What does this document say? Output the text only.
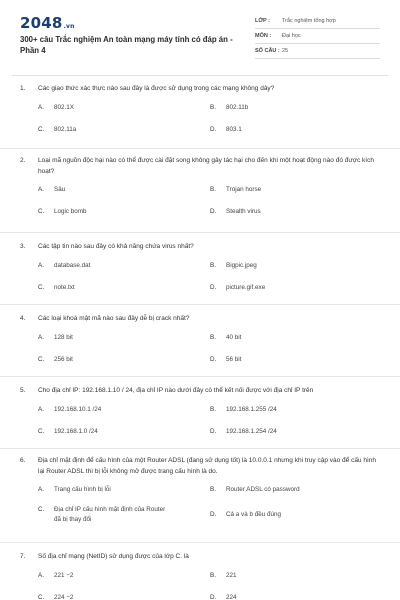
2048.vn
300+ câu Trắc nghiệm An toàn mạng máy tính có đáp án - Phần 4
LỚP :	Trắc nghiệm tổng hợp
MÔN :	Đại học
SỐ CÂU : 25
1.	Các giao thức xác thực nào sau đây là được sử dụng trong các mạng không dây?
A.	802.1X	B.	802.11b
C.	802.11a	D.	803.1
2.	Loại mã nguồn độc hại nào có thể được cài đặt song không gây tác hại cho đến khi một hoạt động nào đó được kích hoạt?
A.	Sâu	B.	Trojan horse
C.	Logic bomb	D.	Stealth virus
3.	Các tập tin nào sau đây có khả năng chứa virus nhất?
A.	database.dat	B.	Bigpic.jpeg
C.	note.txt	D.	picture.gif.exe
4.	Các loại khoá mật mã nào sau đây dễ bị crack nhất?
A.	128 bit	B.	40 bit
C.	256 bit	D.	56 bit
5.	Cho địa chỉ IP: 192.168.1.10 / 24, địa chỉ IP nào dưới đây có thể kết nối được với địa chỉ IP trên
A.	192.168.10.1 /24	B.	192.168.1.255 /24
C.	192.168.1.0 /24	D.	192.168.1.254 /24
6.	Địa chỉ mặt định để cấu hình của một Router ADSL (đang sử dụng tốt) là 10.0.0.1 nhưng khi truy cập vào để cấu hình lại Router ADSL thì bị lỗi không mở được trang cấu hình là do.
A.	Trang cấu hình bị lỗi	B.	Router ADSL có password
C.	Địa chỉ IP cấu hình mặt định của Router đã bị thay đổi
D.	Cả a và b đều đúng
7.	Số địa chỉ mạng (NetID) sử dụng được của lớp C. là
A.	221 −2	B.	221
C.	224 −2	D.	224
